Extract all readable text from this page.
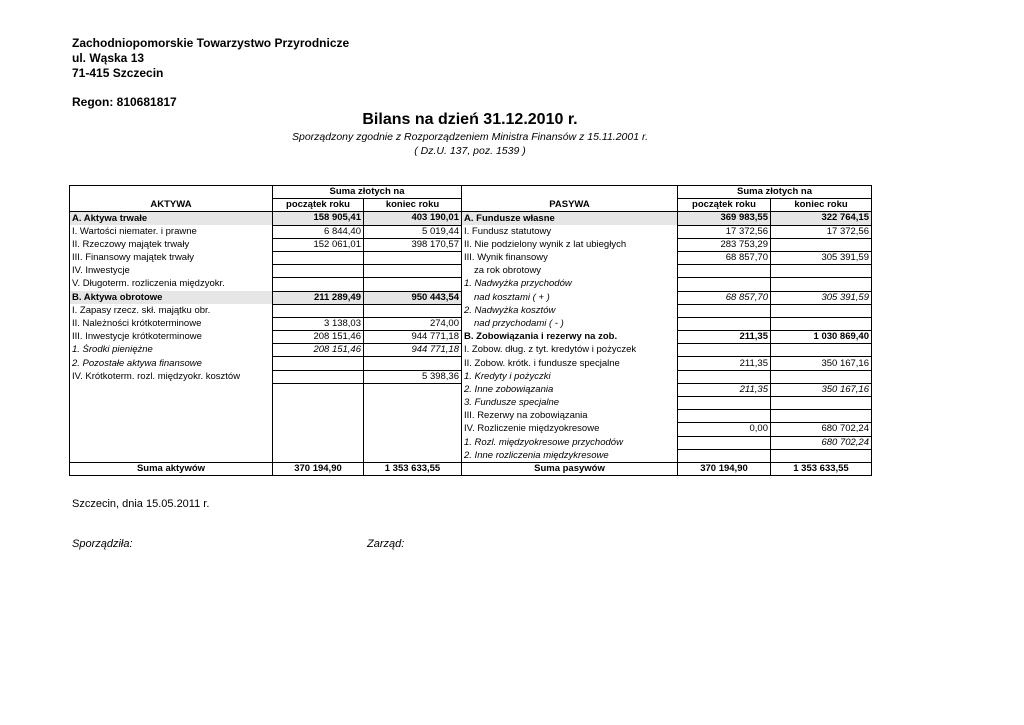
Zachodniopomorskie Towarzystwo Przyrodnicze
ul. Wąska 13
71-415 Szczecin
Regon: 810681817
Bilans na dzień 31.12.2010 r.
Sporządzony zgodnie z Rozporządzeniem Ministra Finansów z 15.11.2001 r.
( Dz.U. 137, poz. 1539 )
	Suma złotych na			Suma złotych na	
AKTYWA	początek roku	koniec roku	PASYWA	początek roku	koniec roku
A. Aktywa trwałe	158 905,41	403 190,01	A. Fundusze własne	369 983,55	322 764,15
I. Wartości niemater. i prawne	6 844,40	5 019,44	I. Fundusz statutowy	17 372,56	17 372,56
II. Rzeczowy majątek trwały	152 061,01	398 170,57	II. Nie podzielony wynik z lat ubiegłych	283 753,29	
III. Finansowy majątek trwały			III. Wynik finansowy	68 857,70	305 391,59
IV. Inwestycje			za rok obrotowy		
V. Długoterm. rozliczenia międzyokr.			1. Nadwyżka przychodów		
B. Aktywa obrotowe	211 289,49	950 443,54	nad kosztami ( + )	68 857,70	305 391,59
I. Zapasy rzecz. skł. majątku obr.			2. Nadwyżka kosztów		
II. Należności krótkoterminowe	3 138,03	274,00	nad przychodami ( - )		
III. Inwestycje krótkoterminowe	208 151,46	944 771,18	B. Zobowiązania i rezerwy na zob.	211,35	1 030 869,40
1. Środki pieniężne	208 151,46	944 771,18	I. Zobow. dług. z tyt. kredytów i pożyczek		
2. Pozostałe aktywa finansowe			II. Zobow. krótk. i fundusze specjalne	211,35	350 167,16
IV. Krótkoterm. rozl. międzyokr. kosztów		5 398,36	1. Kredyty i pożyczki		
			2. Inne zobowiązania	211,35	350 167,16
			3. Fundusze specjalne		
			III. Rezerwy na zobowiązania		
			IV. Rozliczenie międzyokresowe	0,00	680 702,24
			1. Rozl. międzyokresowe przychodów		680 702,24
			2. Inne rozliczenia międzykresowe		
Suma aktywów	370 194,90	1 353 633,55	Suma pasywów	370 194,90	1 353 633,55
Szczecin, dnia 15.05.2011 r.
Sporządziła:	Zarząd:
